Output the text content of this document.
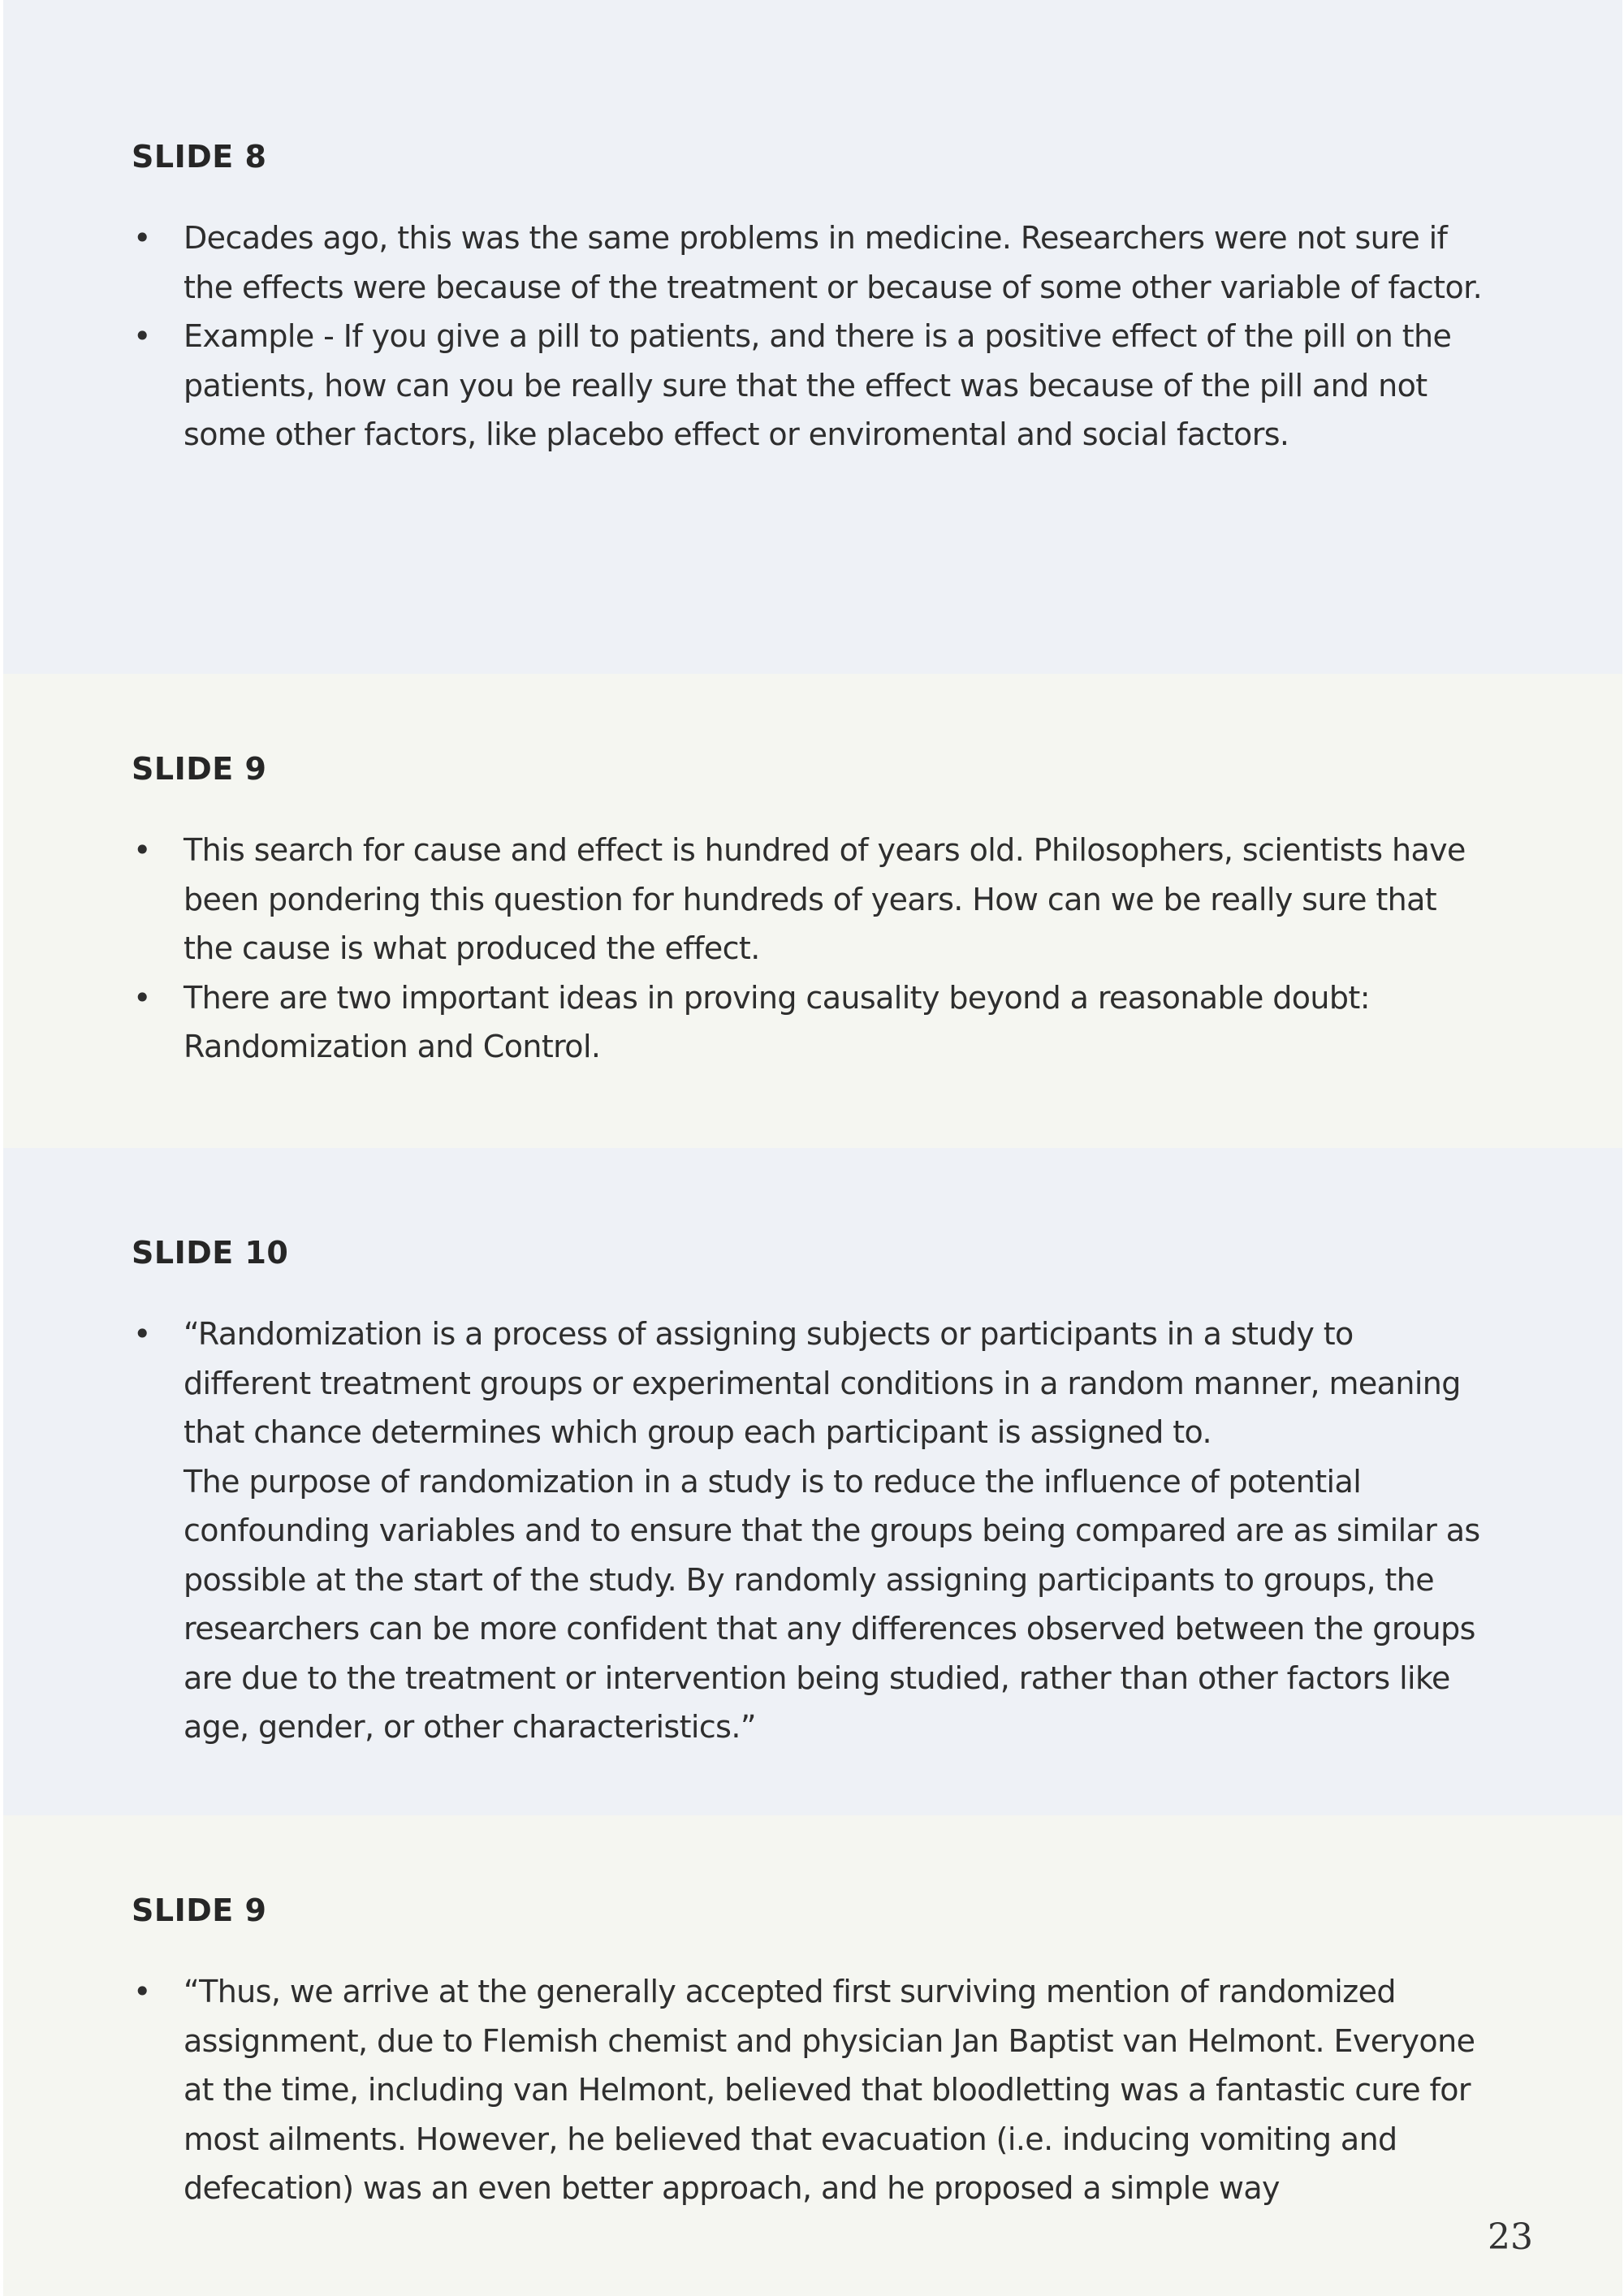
SLIDE 8
• Decades ago, this was the same problems in medicine. Researchers were not sure if the effects were because of the treatment or because of some other variable of factor.
• Example - If you give a pill to patients, and there is a positive effect of the pill on the patients, how can you be really sure that the effect was because of the pill and not some other factors, like placebo effect or enviromental and social factors.
SLIDE 9
• This search for cause and effect is hundred of years old. Philosophers, scientists have been pondering this question for hundreds of years. How can we be really sure that the cause is what produced the effect.
• There are two important ideas in proving causality beyond a reasonable doubt: Randomization and Control.
SLIDE 10
• “Randomization is a process of assigning subjects or participants in a study to different treatment groups or experimental conditions in a random manner, meaning that chance determines which group each participant is assigned to.
The purpose of randomization in a study is to reduce the influence of potential confounding variables and to ensure that the groups being compared are as similar as possible at the start of the study. By randomly assigning participants to groups, the researchers can be more confident that any differences observed between the groups are due to the treatment or intervention being studied, rather than other factors like age, gender, or other characteristics.”
SLIDE 9
• “Thus, we arrive at the generally accepted first surviving mention of randomized assignment, due to Flemish chemist and physician Jan Baptist van Helmont. Everyone at the time, including van Helmont, believed that bloodletting was a fantastic cure for most ailments. However, he believed that evacuation (i.e. inducing vomiting and defecation) was an even better approach, and he proposed a simple way
23
